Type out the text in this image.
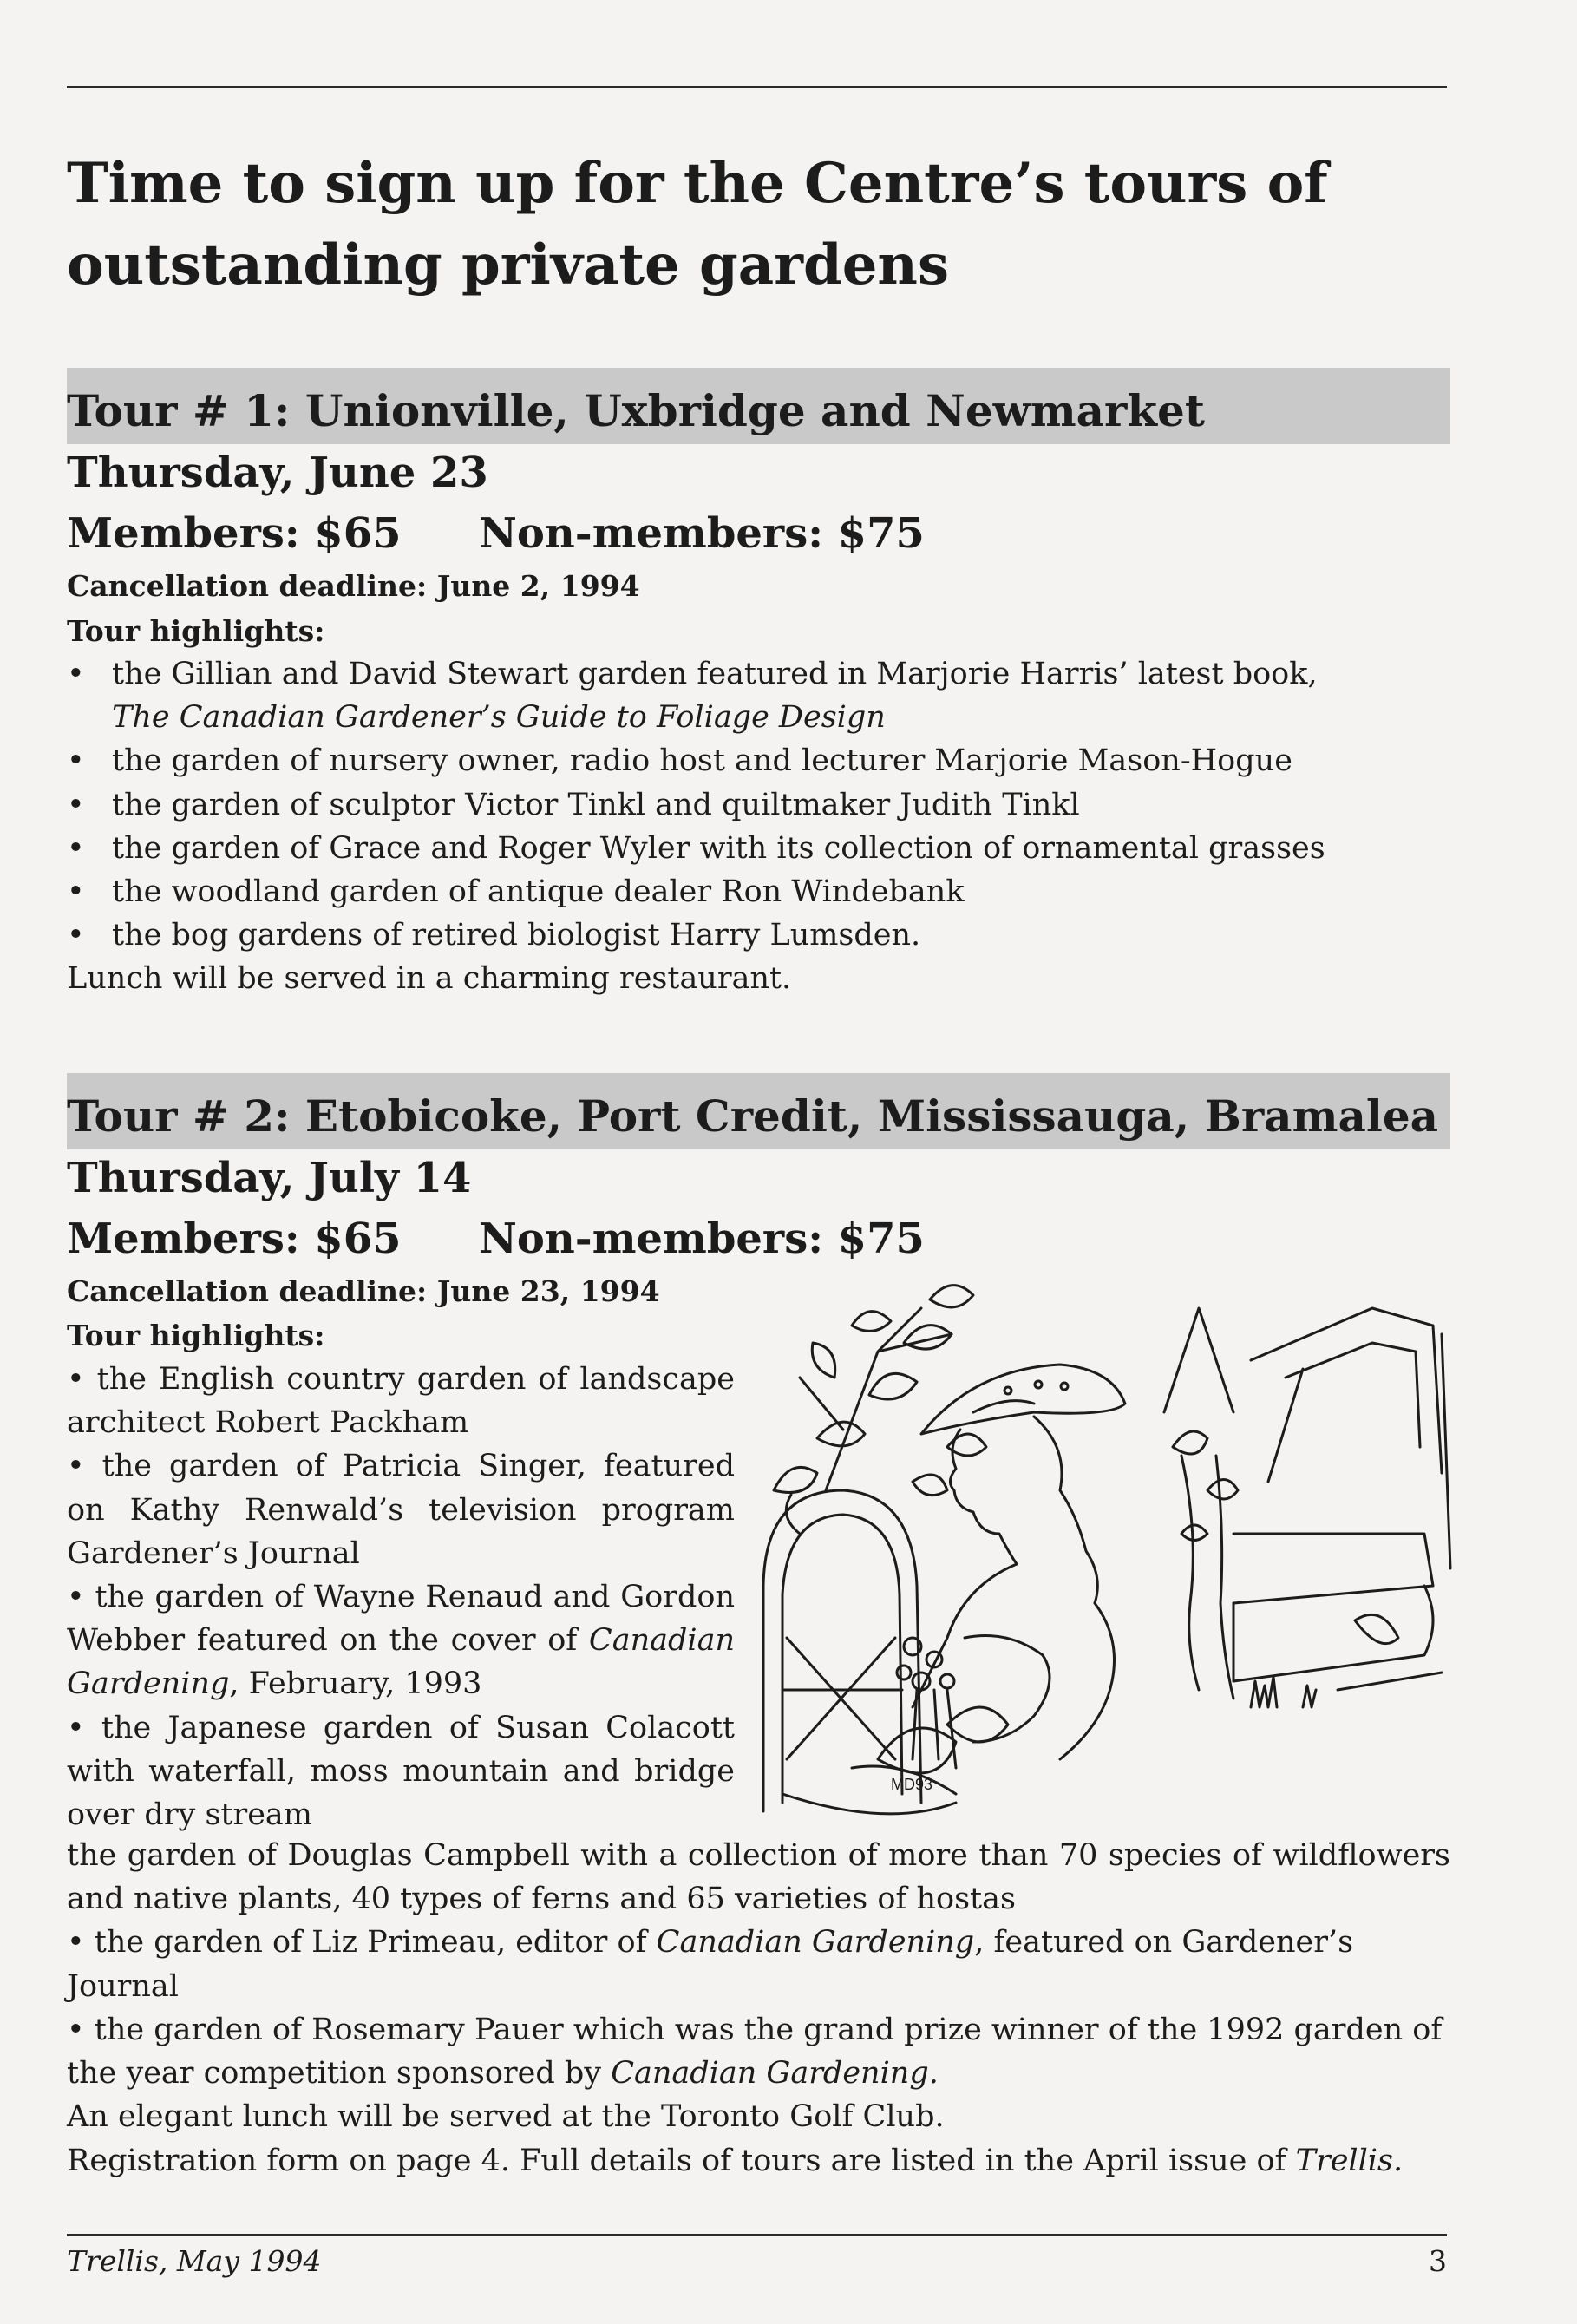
Time to sign up for the Centre’s tours of outstanding private gardens
Tour # 1: Unionville, Uxbridge and Newmarket
Thursday, June 23
Members: $65 Non-members: $75
Cancellation deadline: June 2, 1994
Tour highlights:

• the Gillian and David Stewart garden featured in Marjorie Harris’ latest book,
The Canadian Gardener’s Guide to Foliage Design

• the garden of nursery owner, radio host and lecturer Marjorie Mason-Hogue

• the garden of sculptor Victor Tinkl and quiltmaker Judith Tinkl

• the garden of Grace and Roger Wyler with its collection of ornamental grasses

• the woodland garden of antique dealer Ron Windebank

• the bog gardens of retired biologist Harry Lumsden.

Lunch will be served in a charming restaurant.

Tour # 2: Etobicoke, Port Credit, Mississauga, Bramalea
Thursday, July 14
Members: $65 Non-members: $75
Cancellation deadline: June 23, 1994
Tour highlights:

• the English country garden of landscape architect Robert Packham

• the garden of Patricia Singer, featured on Kathy Renwald’s television program Gardener’s Journal

• the garden of Wayne Renaud and Gordon Webber featured on the cover of Canadian Gardening, February, 1993

• the Japanese garden of Susan Colacott with waterfall, moss mountain and bridge over dry stream

the garden of Douglas Campbell with a collection of more than 70 species of wildflowers and native plants, 40 types of ferns and 65 varieties of hostas

• the garden of Liz Primeau, editor of Canadian Gardening, featured on Gardener’s Journal

• the garden of Rosemary Pauer which was the grand prize winner of the 1992 garden of the year competition sponsored by Canadian Gardening.

An elegant lunch will be served at the Toronto Golf Club.

Registration form on page 4. Full details of tours are listed in the April issue of Trellis.
MD93
Trellis, May 1994	3
